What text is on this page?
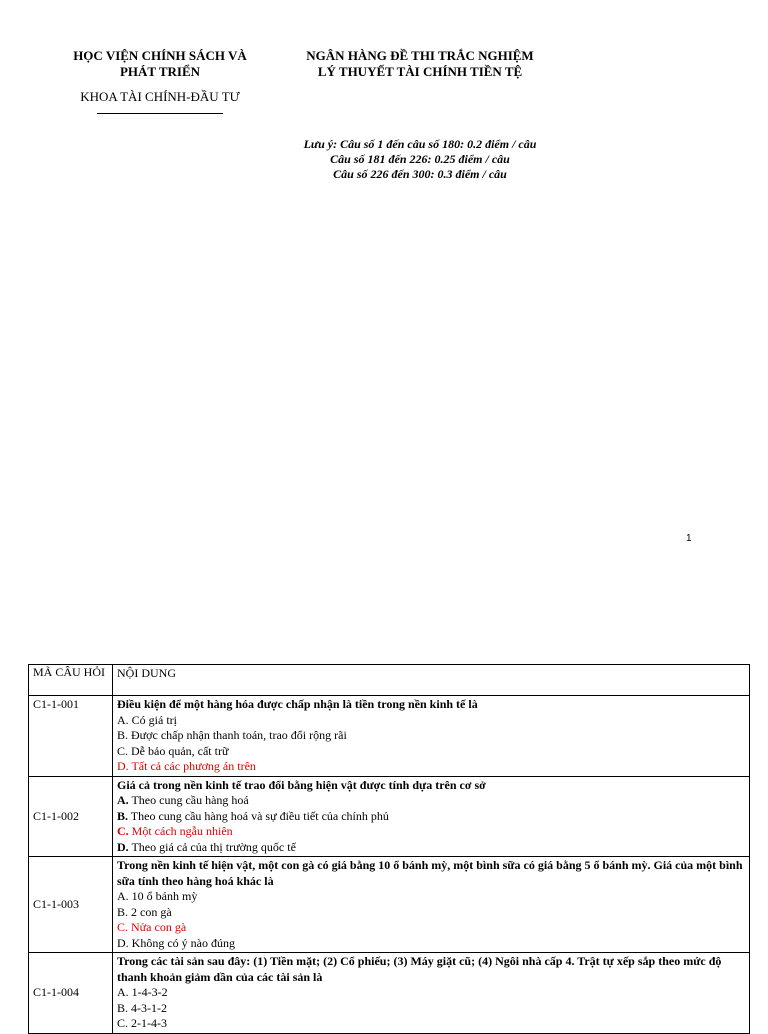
HỌC VIỆN CHÍNH SÁCH VÀ PHÁT TRIỂN
KHOA TÀI CHÍNH-ĐẦU TƯ
NGÂN HÀNG ĐỀ THI TRẮC NGHIỆM
LÝ THUYẾT TÀI CHÍNH TIỀN TỆ
Lưu ý: Câu số 1 đến câu số 180: 0.2 điểm / câu
Câu số 181 đến 226: 0.25 điểm / câu
Câu số 226 đến 300: 0.3 điểm / câu
1
MÃ CÂU HỎI	NỘI DUNG
C1-1-001	Điều kiện để một hàng hóa được chấp nhận là tiền trong nền kinh tế là
A. Có giá trị
B. Được chấp nhận thanh toán, trao đổi rộng rãi
C. Dễ bảo quản, cất trữ
D. Tất cả các phương án trên

C1-1-002	Giá cả trong nền kinh tế trao đổi bằng hiện vật được tính dựa trên cơ sở
A. Theo cung cầu hàng hoá
B. Theo cung cầu hàng hoá và sự điều tiết của chính phủ
C. Một cách ngẫu nhiên
D. Theo giá cả của thị trường quốc tế

C1-1-003	Trong nền kinh tế hiện vật, một con gà có giá bằng 10 ổ bánh mỳ, một bình sữa có giá bằng 5 ổ bánh mỳ. Giá của một bình sữa tính theo hàng hoá khác là
A. 10 ổ bánh mỳ
B. 2 con gà
C. Nửa con gà
D. Không có ý nào đúng

C1-1-004	Trong các tài sản sau đây: (1) Tiền mặt; (2) Cổ phiếu; (3) Máy giặt cũ; (4) Ngôi nhà cấp 4. Trật tự xếp sắp theo mức độ thanh khoản giảm dần của các tài sản là
A. 1-4-3-2
B. 4-3-1-2
C. 2-1-4-3
